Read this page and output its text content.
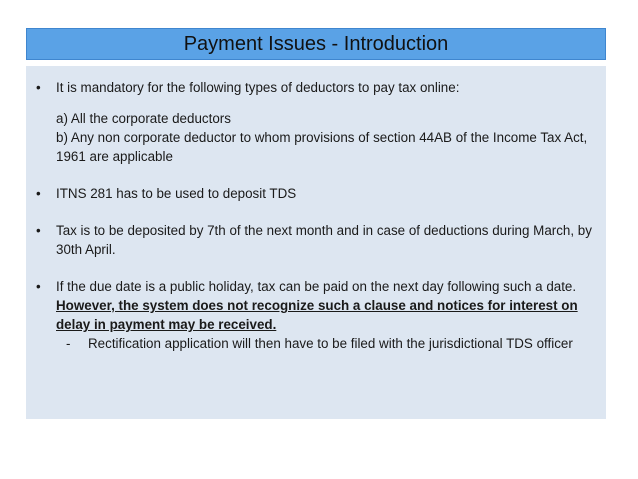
Payment Issues - Introduction
•	It is mandatory for the following types of deductors to pay tax online:
a) All the corporate deductors
b) Any non corporate deductor to whom provisions of section 44AB of the Income Tax Act, 1961 are applicable
•	ITNS 281 has to be used to deposit TDS
•	Tax is to be deposited by 7th of the next month and in case of deductions during March, by 30th April.
•	If the due date is a public holiday, tax can be paid on the next day following such a date. However, the system does not recognize such a clause and notices for interest on delay in payment may be received.
-	Rectification application will then have to be filed with the jurisdictional TDS officer
